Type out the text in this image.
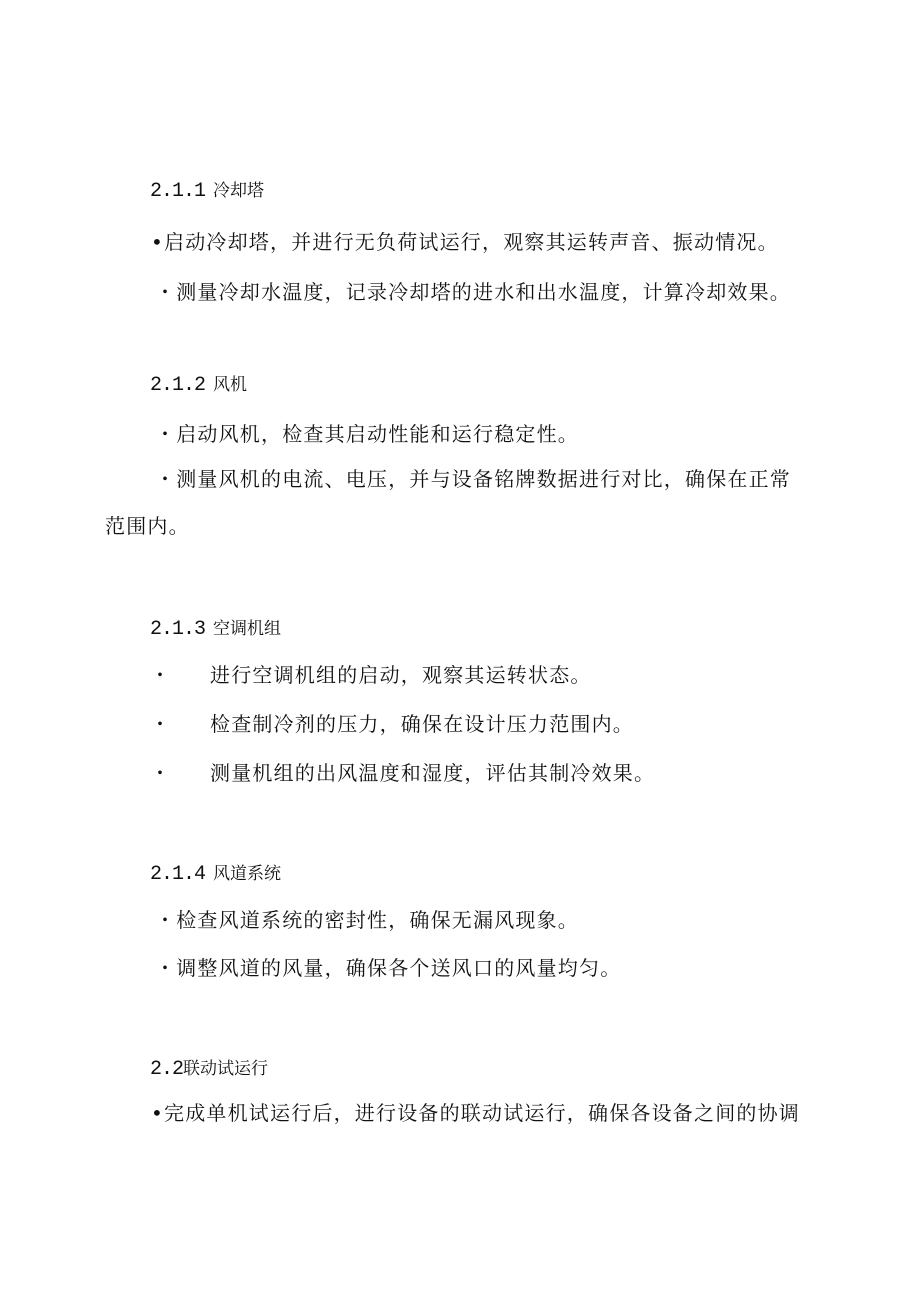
2.1.1 冷却塔
•启动冷却塔，并进行无负荷试运行，观察其运转声音、振动情况。
・测量冷却水温度，记录冷却塔的进水和出水温度，计算冷却效果。
2.1.2 风机
・启动风机，检查其启动性能和运行稳定性。
・测量风机的电流、电压，并与设备铭牌数据进行对比，确保在正常
范围内。
2.1.3 空调机组
・ 进行空调机组的启动，观察其运转状态。
・ 检查制冷剂的压力，确保在设计压力范围内。
・ 测量机组的出风温度和湿度，评估其制冷效果。
2.1.4 风道系统
・检查风道系统的密封性，确保无漏风现象。
・调整风道的风量，确保各个送风口的风量均匀。
2.2联动试运行
•完成单机试运行后，进行设备的联动试运行，确保各设备之间的协调
